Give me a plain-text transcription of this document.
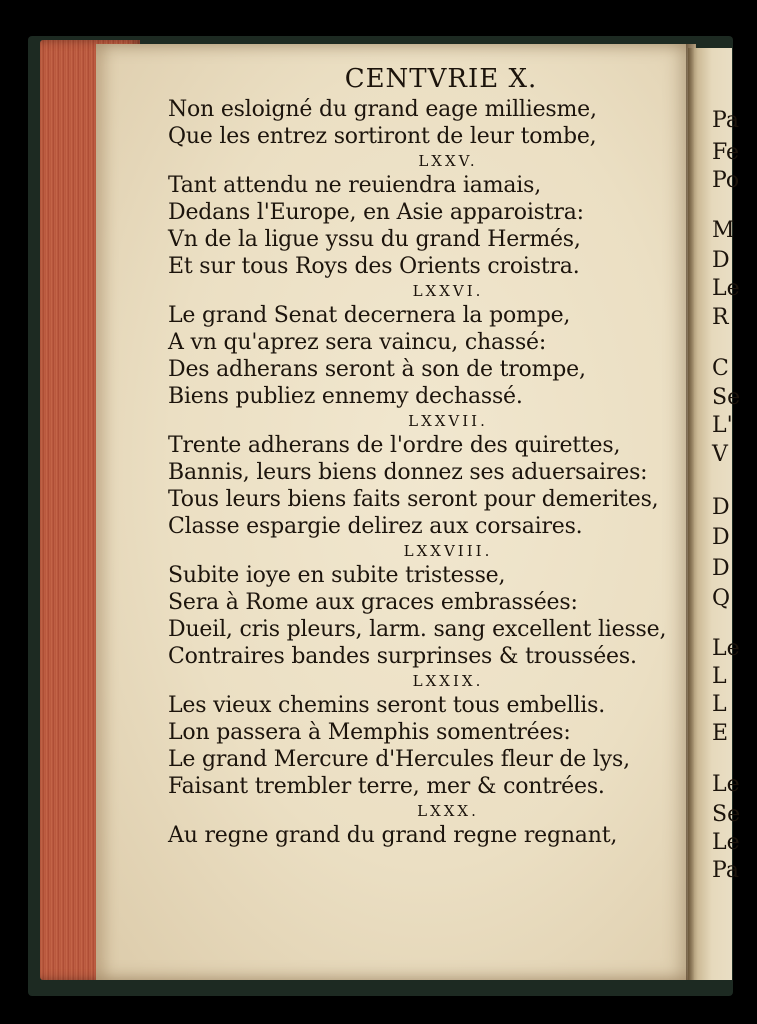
CENTVRIE X.
Non esloigné du grand eage milliesme,
Que les entrez sortiront de leur tombe,
LXXV.
Tant attendu ne reuiendra iamais,
Dedans l'Europe, en Asie apparoistra:
Vn de la ligue yssu du grand Hermés,
Et sur tous Roys des Orients croistra.
LXXVI.
Le grand Senat decernera la pompe,
A vn qu'aprez sera vaincu, chassé:
Des adherans seront à son de trompe,
Biens publiez ennemy dechassé.
LXXVII.
Trente adherans de l'ordre des quirettes,
Bannis, leurs biens donnez ses aduersaires:
Tous leurs biens faits seront pour demerites,
Classe espargie delirez aux corsaires.
LXXVIII.
Subite ioye en subite tristesse,
Sera à Rome aux graces embrassées:
Dueil, cris pleurs, larm. sang excellent liesse,
Contraires bandes surprinses & troussées.
LXXIX.
Les vieux chemins seront tous embellis.
Lon passera à Memphis somentrées:
Le grand Mercure d'Hercules fleur de lys,
Faisant trembler terre, mer & contrées.
LXXX.
Au regne grand du grand regne regnant,
Pa
Fe
Po
M
D
Le
R
C
Se
L'
V
D
D
D
Q
Le
L
L
E
Le
Se
Le
Pa
